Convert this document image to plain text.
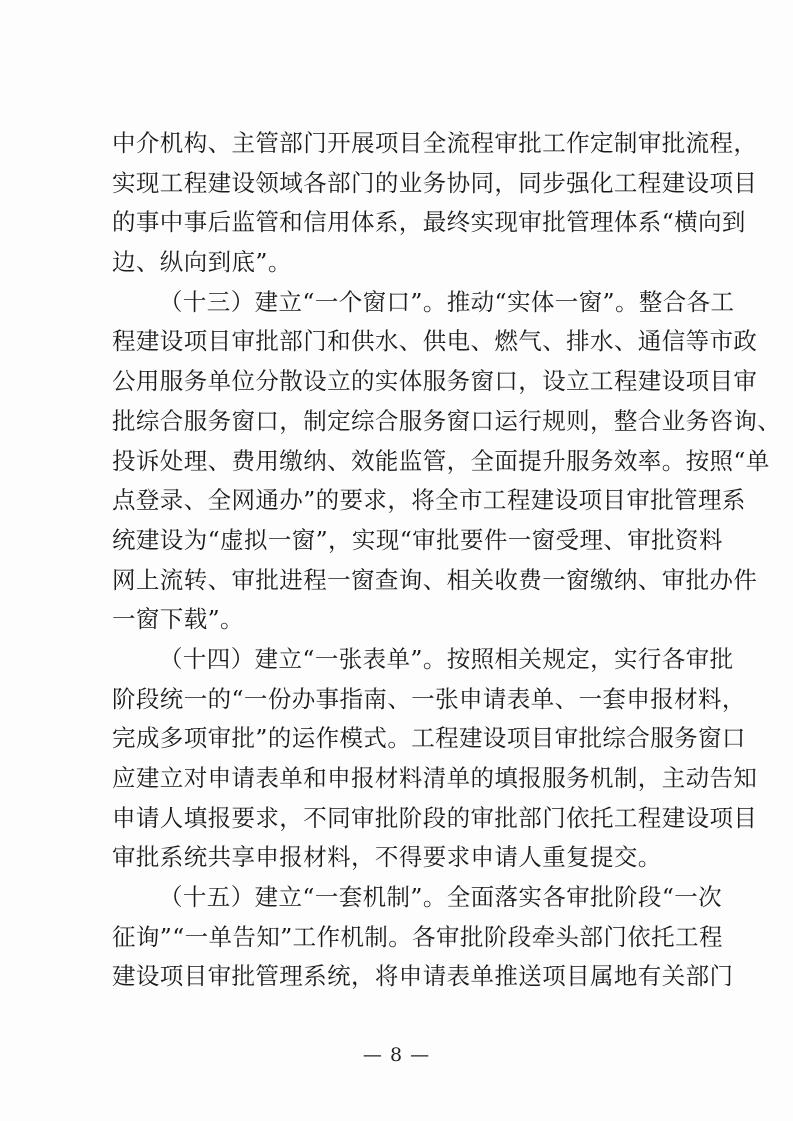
中介机构、主管部门开展项目全流程审批工作定制审批流程，
实现工程建设领域各部门的业务协同，同步强化工程建设项目
的事中事后监管和信用体系，最终实现审批管理体系“横向到
边、纵向到底”。
（十三）建立“一个窗口”。推动“实体一窗”。整合各工
程建设项目审批部门和供水、供电、燃气、排水、通信等市政
公用服务单位分散设立的实体服务窗口，设立工程建设项目审
批综合服务窗口，制定综合服务窗口运行规则，整合业务咨询、
投诉处理、费用缴纳、效能监管，全面提升服务效率。按照“单
点登录、全网通办”的要求，将全市工程建设项目审批管理系
统建设为“虚拟一窗”，实现“审批要件一窗受理、审批资料
网上流转、审批进程一窗查询、相关收费一窗缴纳、审批办件
一窗下载”。
（十四）建立“一张表单”。按照相关规定，实行各审批
阶段统一的“一份办事指南、一张申请表单、一套申报材料，
完成多项审批”的运作模式。工程建设项目审批综合服务窗口
应建立对申请表单和申报材料清单的填报服务机制，主动告知
申请人填报要求，不同审批阶段的审批部门依托工程建设项目
审批系统共享申报材料，不得要求申请人重复提交。
（十五）建立“一套机制”。全面落实各审批阶段“一次
征询”“一单告知”工作机制。各审批阶段牵头部门依托工程
建设项目审批管理系统，将申请表单推送项目属地有关部门
— 8 —
